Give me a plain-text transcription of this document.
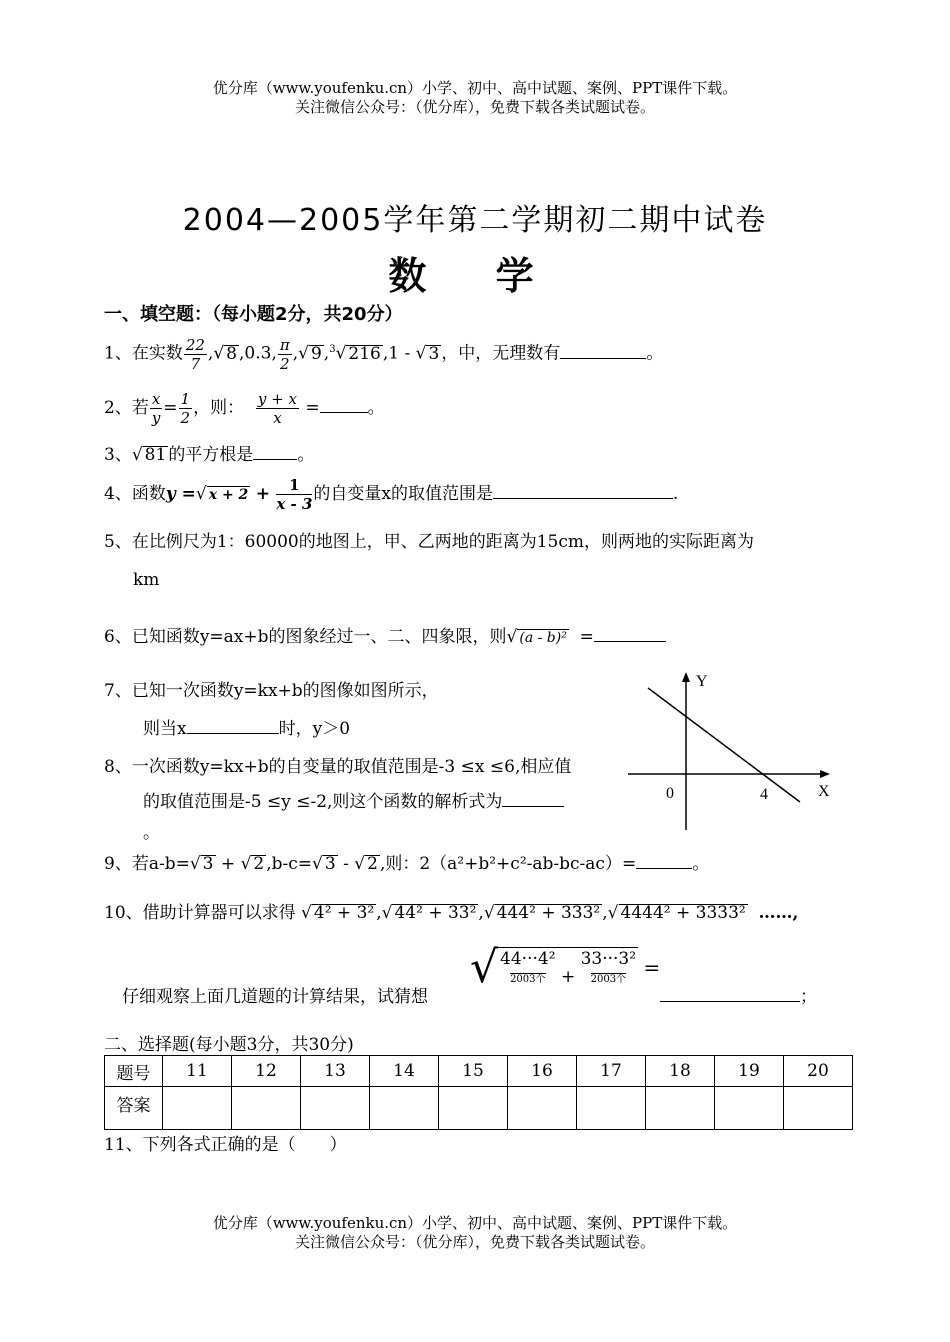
优分库（www.youfenku.cn）小学、初中、高中试题、案例、PPT课件下载。
关注微信公众号：（优分库），免费下载各类试题试卷。
2004—2005学年第二学期初二期中试卷
数 学
一、填空题：（每小题2分，共20分）
1、在实数 $\frac{22}{7}$ ,√ 8 ,0.3, $\frac{\pi}{2}$ ,√ 9 ,$^3$√ 216 ,1 - √ 3 ，中，无理数有	。
2、若 $\frac{x}{y} = \frac{1}{2}$ ，则： $\frac{y + x}{x}$ =	。
3、√ 81 的平方根是	。
4、函数y =√ $x + 2 + \frac{1}{x - 3}$ 的自变量x的取值范围是	.
5、在比例尺为1：60000的地图上，甲、乙两地的距离为15cm，则两地的实际距离为
km
6、已知函数y=ax+b的图象经过一、二、四象限，则√ (a - b)² =
7、已知一次函数y=kx+b的图像如图所示，
则当x	时，y＞0
Y
X
0	4
8、一次函数y=kx+b的自变量的取值范围是-3 ≤x ≤6,相应值
的取值范围是-5 ≤y ≤-2,则这个函数的解析式为
。
9、若a-b=√ 3 + √ 2 ,b-c=√ 3 - √ 2 ,则：2（a²+b²+c²-ab-bc-ac）=	。
10、借助计算器可以求得 √ 4² + 3² ,√ 44² + 33² ,√ 444² + 333² ,√ 4444² + 3333² ……,
仔细观察上面几道题的计算结果，试猜想
√ 44···4²
2003个 + 33···3²
2003个 =
；
二、选择题(每小题3分，共30分)
题号	11	12	13	14	15	16	17	18	19	20
答案										
11、下列各式正确的是（　　）
优分库（www.youfenku.cn）小学、初中、高中试题、案例、PPT课件下载。
关注微信公众号：（优分库），免费下载各类试题试卷。
